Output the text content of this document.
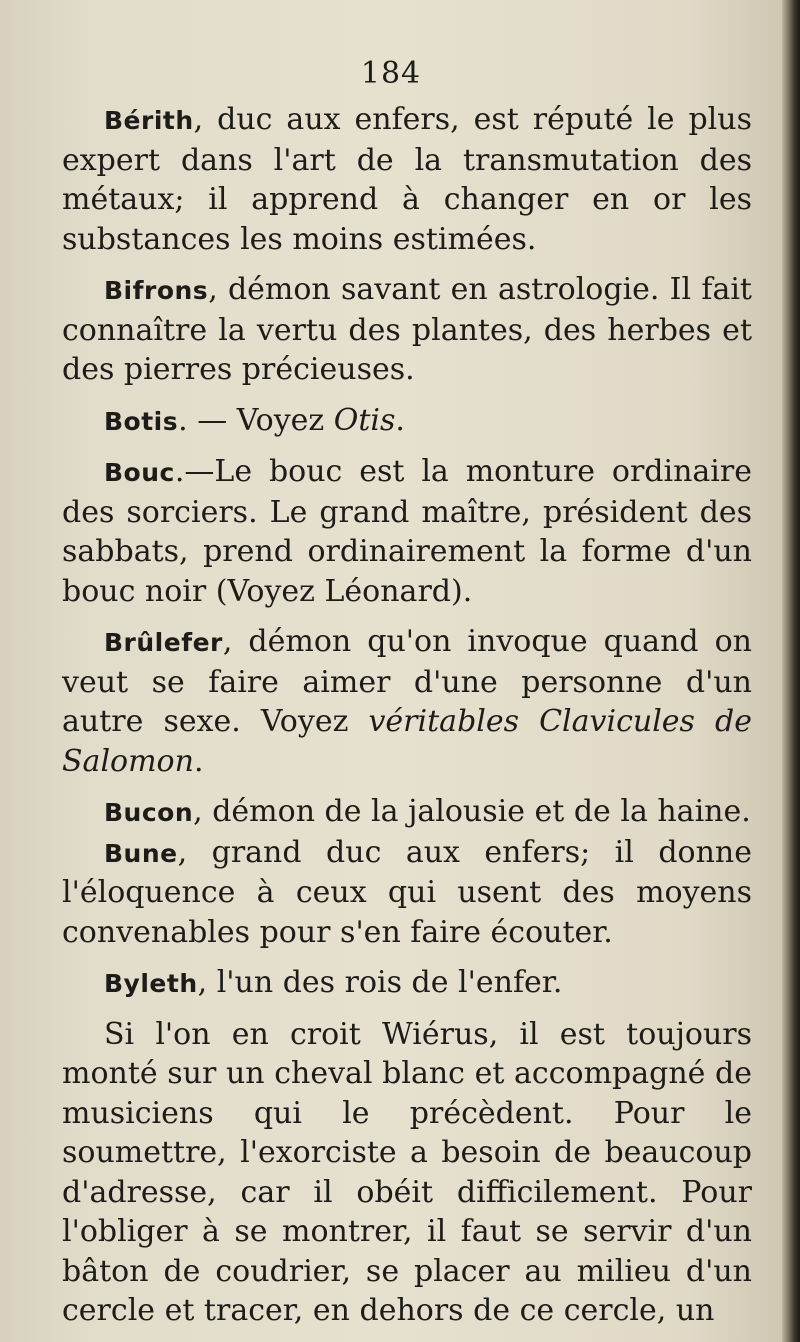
184

Bérith, duc aux enfers, est réputé le plus expert dans l'art de la transmutation des métaux; il apprend à changer en or les substances les moins estimées.

Bifrons, démon savant en astrologie. Il fait connaître la vertu des plantes, des herbes et des pierres précieuses.

Botis. — Voyez Otis.

Bouc.—Le bouc est la monture ordinaire des sorciers. Le grand maître, président des sabbats, prend ordinairement la forme d'un bouc noir (Voyez Léonard).

Brûlefer, démon qu'on invoque quand on veut se faire aimer d'une personne d'un autre sexe. Voyez véritables Clavicules de Salomon.

Bucon, démon de la jalousie et de la haine.

Bune, grand duc aux enfers; il donne l'éloquence à ceux qui usent des moyens convenables pour s'en faire écouter.

Byleth, l'un des rois de l'enfer.

Si l'on en croit Wiérus, il est toujours monté sur un cheval blanc et accompagné de musiciens qui le précèdent. Pour le soumettre, l'exorciste a besoin de beaucoup d'adresse, car il obéit difficilement. Pour l'obliger à se montrer, il faut se servir d'un bâton de coudrier, se placer au milieu d'un cercle et tracer, en dehors de ce cercle, un
